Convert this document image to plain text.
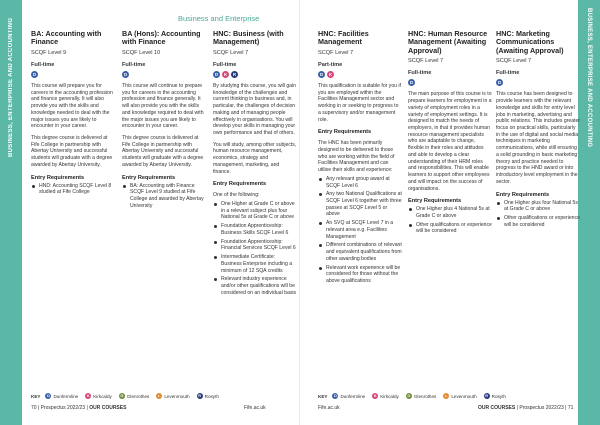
BUSINESS, ENTERPRISE AND ACCOUNTING	BUSINESS, ENTERPRISE AND ACCOUNTING
Business and Enterprise
BA: Accounting with Finance
SCQF Level 9
Full-time
D

This course will prepare you for careers in the accounting profession and finance generally. It will also provide you with the skills and knowledge needed to deal with the major issues you are likely to encounter in your career.

This degree course is delivered at Fife College in partnership with Abertay University and successful students will graduate with a degree awarded by Abertay University.

Entry Requirements
HND: Accounting SCQF Level 8 studied at Fife College
BA (Hons): Accounting with Finance
SCQF Level 10
Full-time
D

This course will continue to prepare you for careers in the accounting profession and finance generally. It will also provide you with the skills and knowledge required to deal with the major issues you are likely to encounter in your career.

This degree course is delivered at Fife College in partnership with Abertay University and successful students will graduate with a degree awarded by Abertay University.

Entry Requirements
BA: Accounting with Finance SCQF Level 9 studied at Fife College and awarded by Abertay University
HNC: Business (with Management)
SCQF Level 7
Full-time
D	K	R

By studying this course, you will gain knowledge of the challenges and current thinking in business and, in particular, the challenges of decision making and of managing people effectively in organisations. You will develop your skills in managing your own performance and that of others.

You will study, among other subjects, human resource management, economics, strategy and management, marketing, and finance.

Entry Requirements

One of the following:

One Higher at Grade C or above in a relevant subject plus four National 5s at Grade C or above
Foundation Apprenticeship: Business Skills SCQF Level 6
Foundation Apprenticeship: Financial Services SCQF Level 6
Intermediate Certificate: Business Enterprise including a minimum of 12 SQA credits
Relevant industry experience and/or other qualifications will be considered on an individual basis
HNC: Facilities Management
SCQF Level 7
Part-time
D	K

This qualification is suitable for you if you are employed within the Facilities Management sector and working in or seeking to progress to a supervisory and/or management role.

Entry Requirements

The HNC has been primarily designed to be delivered to those who are working within the field of Facilities Management and can utilise their skills and experience:

Any relevant group award at SCQF Level 6
Any two National Qualifications at SCQF Level 6 together with three passes at SCQF Level 5 or above
An SVQ at SCQF Level 7 in a relevant area e.g. Facilities Management
Different combinations of relevant and equivalent qualifications from other awarding bodies
Relevant work experience will be considered for those without the above qualifications
HNC: Human Resource Management (Awaiting Approval)
SCQF Level 7
Full-time
D

The main purpose of this course is to prepare learners for employment in a variety of employment roles in a variety of employment settings. It is designed to match the needs of employers, in that it provides human resource management specialists who are adaptable to change, flexible in their roles and attitudes and able to develop a clear understanding of their HRM roles and responsibilities. This will enable learners to support other employees and will impact on the success of organisations.

Entry Requirements
One Higher plus 4 National 5s at Grade C or above
Other qualifications or experience will be considered
HNC: Marketing Communications (Awaiting Approval)
SCQF Level 7
Full-time
D

This course has been designed to provide learners with the relevant knowledge and skills for entry level jobs in marketing, advertising and public relations. This includes greater focus on practical skills, particularly in the use of digital and social media techniques in marketing communications, while still ensuring a solid grounding in basic marketing theory and practice needed to progress to the HND award or into introductory level employment in the sector.

Entry Requirements
One Higher plus four National 5s at Grade C or above
Other qualifications or experience will be considered
KEY	D Dunfermline	K Kirkcaldy	G Glenrothes	L Levenmouth	R Rosyth	KEY	D Dunfermline	K Kirkcaldy	G Glenrothes	L Levenmouth	R Rosyth
70 | Prospectus 2022/23 | OUR COURSES	Fife.ac.uk	Fife.ac.uk	OUR COURSES | Prospectus 2022/23 | 71
